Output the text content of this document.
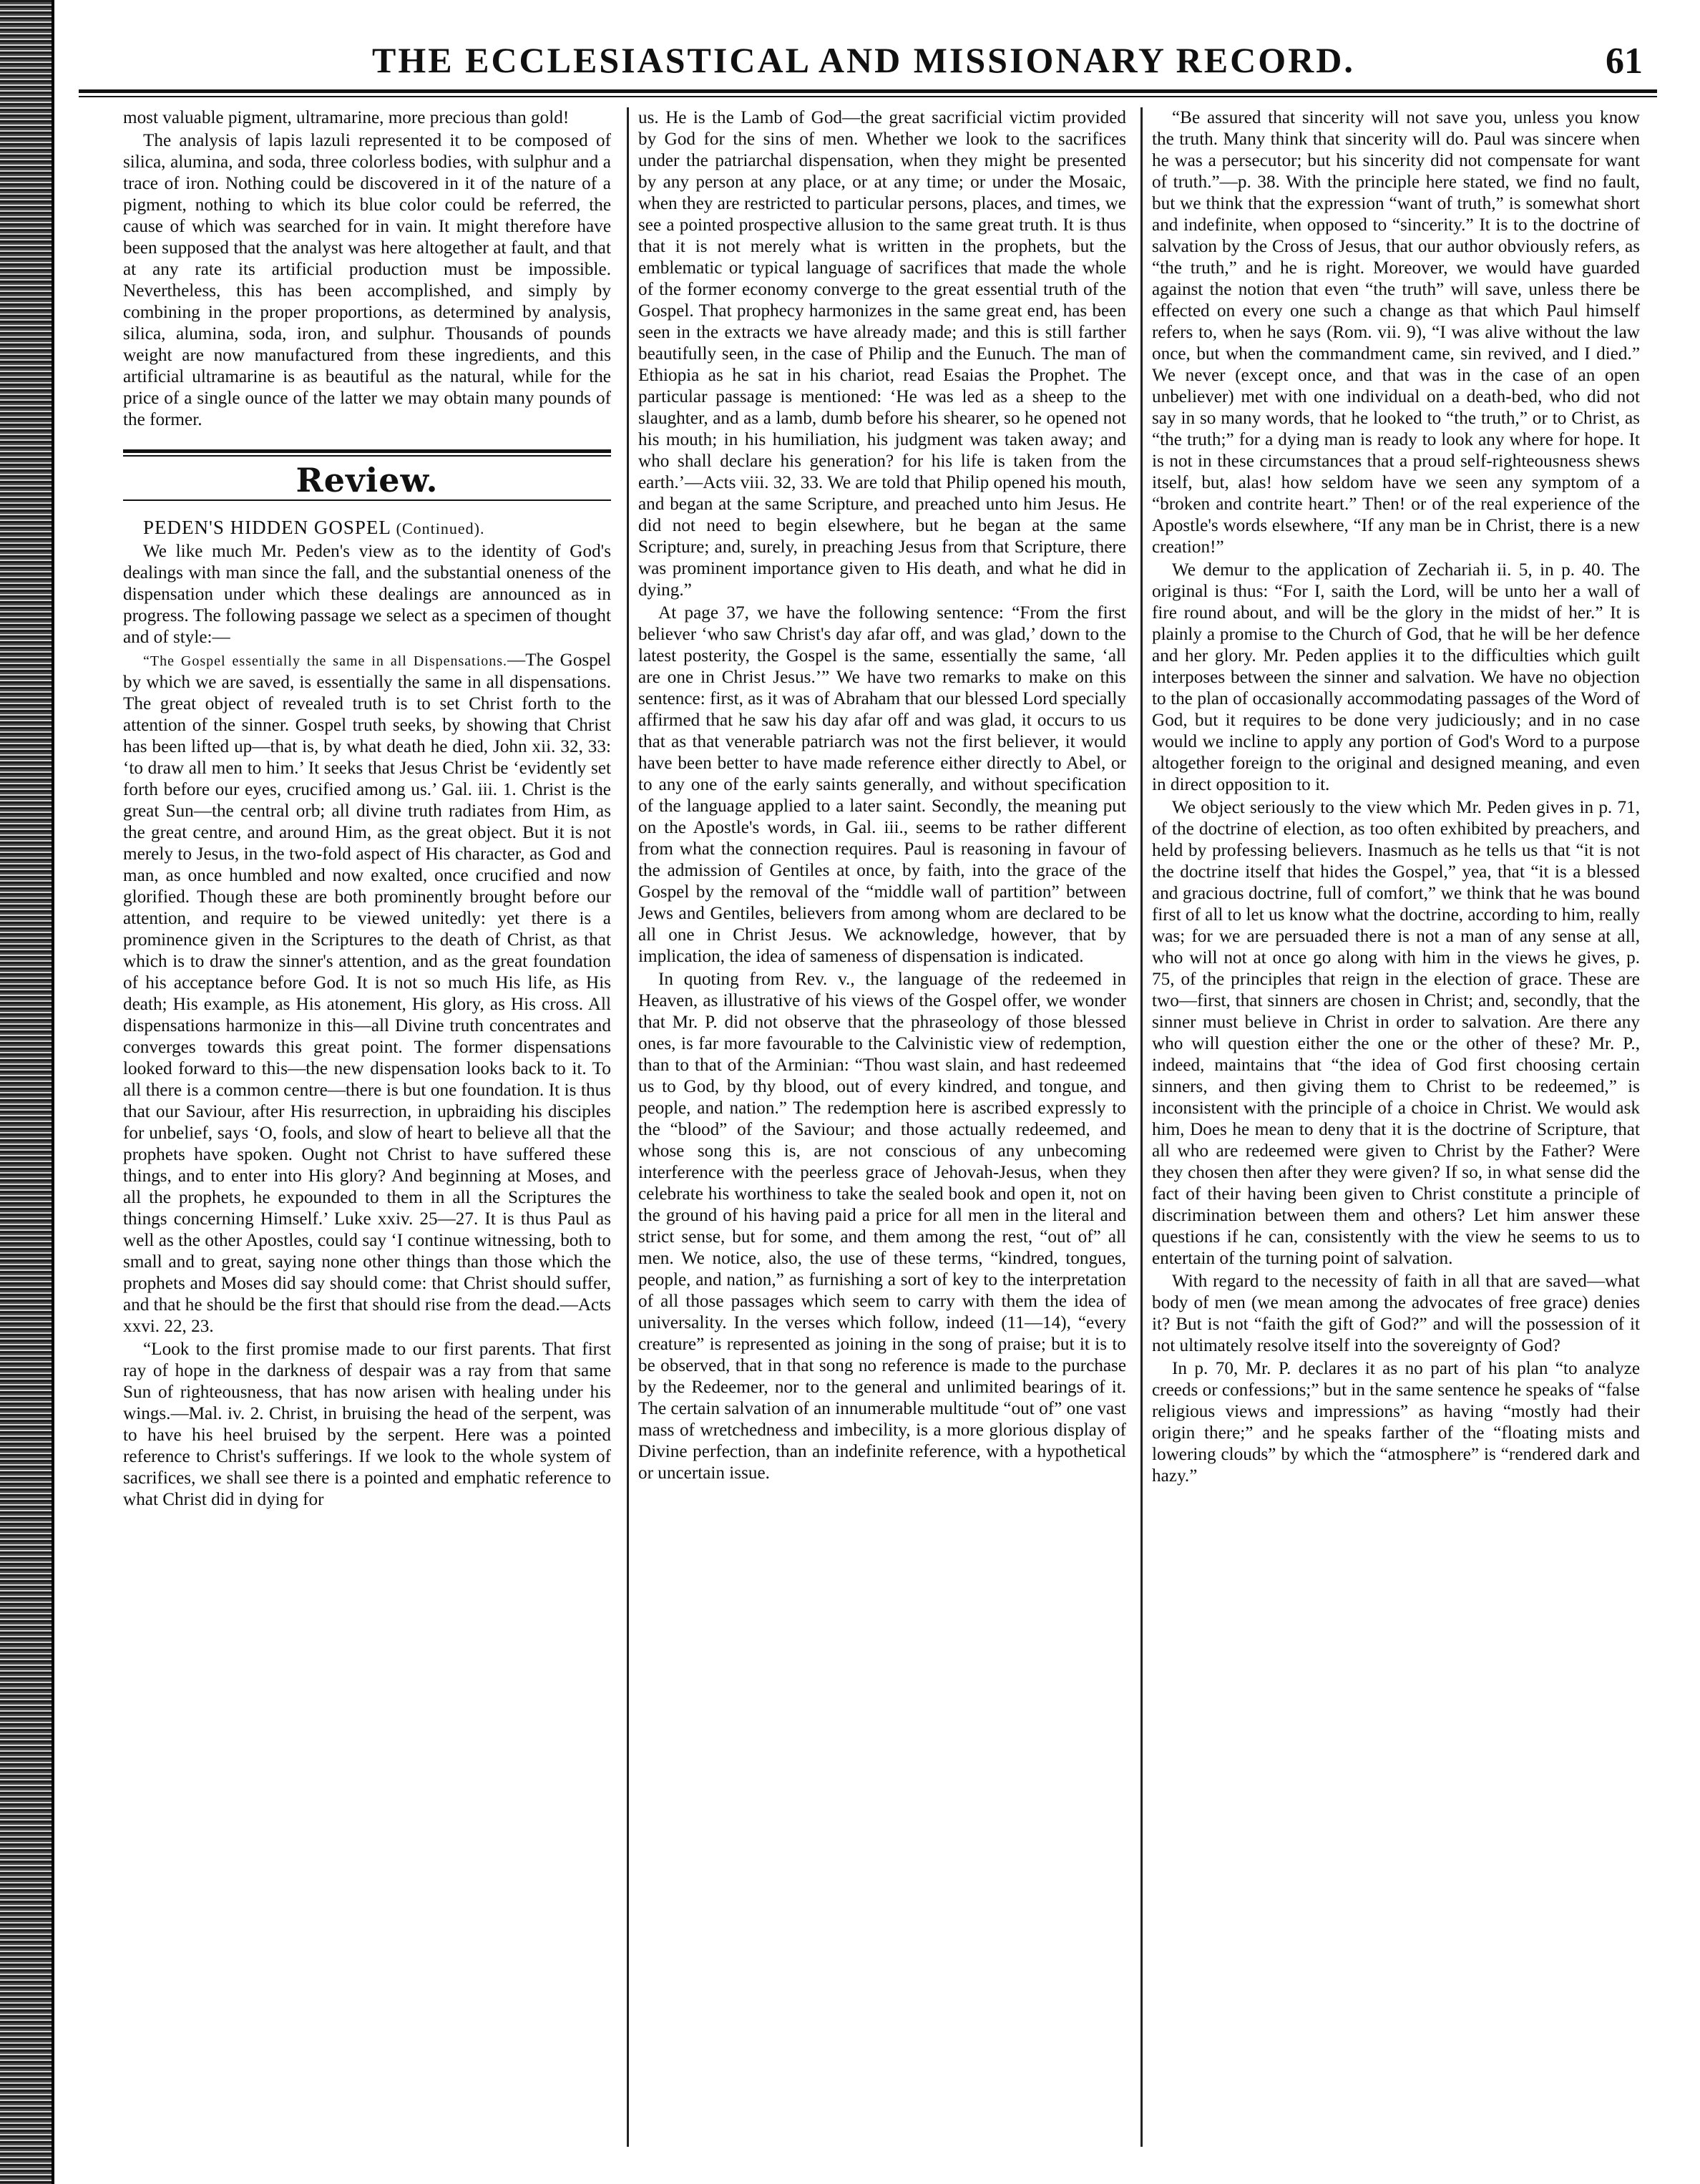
THE ECCLESIASTICAL AND MISSIONARY RECORD.	61

most valuable pigment, ultramarine, more precious than gold!

The analysis of lapis lazuli represented it to be composed of silica, alumina, and soda, three colorless bodies, with sulphur and a trace of iron. Nothing could be discovered in it of the nature of a pigment, nothing to which its blue color could be referred, the cause of which was searched for in vain. It might therefore have been supposed that the analyst was here altogether at fault, and that at any rate its artificial production must be impossible. Nevertheless, this has been accomplished, and simply by combining in the proper proportions, as determined by analysis, silica, alumina, soda, iron, and sulphur. Thousands of pounds weight are now manufactured from these ingredients, and this artificial ultramarine is as beautiful as the natural, while for the price of a single ounce of the latter we may obtain many pounds of the former.

Review.

PEDEN'S HIDDEN GOSPEL (Continued).

We like much Mr. Peden's view as to the identity of God's dealings with man since the fall, and the substantial oneness of the dispensation under which these dealings are announced as in progress. The following passage we select as a specimen of thought and of style:—

“The Gospel essentially the same in all Dispensations.—The Gospel by which we are saved, is essentially the same in all dispensations. The great object of revealed truth is to set Christ forth to the attention of the sinner. Gospel truth seeks, by showing that Christ has been lifted up—that is, by what death he died, John xii. 32, 33: ‘to draw all men to him.’ It seeks that Jesus Christ be ‘evidently set forth before our eyes, crucified among us.’ Gal. iii. 1. Christ is the great Sun—the central orb; all divine truth radiates from Him, as the great centre, and around Him, as the great object. But it is not merely to Jesus, in the two-fold aspect of His character, as God and man, as once humbled and now exalted, once crucified and now glorified. Though these are both prominently brought before our attention, and require to be viewed unitedly: yet there is a prominence given in the Scriptures to the death of Christ, as that which is to draw the sinner's attention, and as the great foundation of his acceptance before God. It is not so much His life, as His death; His example, as His atonement, His glory, as His cross. All dispensations harmonize in this—all Divine truth concentrates and converges towards this great point. The former dispensations looked forward to this—the new dispensation looks back to it. To all there is a common centre—there is but one foundation. It is thus that our Saviour, after His resurrection, in upbraiding his disciples for unbelief, says ‘O, fools, and slow of heart to believe all that the prophets have spoken. Ought not Christ to have suffered these things, and to enter into His glory? And beginning at Moses, and all the prophets, he expounded to them in all the Scriptures the things concerning Himself.’ Luke xxiv. 25—27. It is thus Paul as well as the other Apostles, could say ‘I continue witnessing, both to small and to great, saying none other things than those which the prophets and Moses did say should come: that Christ should suffer, and that he should be the first that should rise from the dead.—Acts xxvi. 22, 23.

“Look to the first promise made to our first parents. That first ray of hope in the darkness of despair was a ray from that same Sun of righteousness, that has now arisen with healing under his wings.—Mal. iv. 2. Christ, in bruising the head of the serpent, was to have his heel bruised by the serpent. Here was a pointed reference to Christ's sufferings. If we look to the whole system of sacrifices, we shall see there is a pointed and emphatic reference to what Christ did in dying for

us. He is the Lamb of God—the great sacrificial victim provided by God for the sins of men. Whether we look to the sacrifices under the patriarchal dispensation, when they might be presented by any person at any place, or at any time; or under the Mosaic, when they are restricted to particular persons, places, and times, we see a pointed prospective allusion to the same great truth. It is thus that it is not merely what is written in the prophets, but the emblematic or typical language of sacrifices that made the whole of the former economy converge to the great essential truth of the Gospel. That prophecy harmonizes in the same great end, has been seen in the extracts we have already made; and this is still farther beautifully seen, in the case of Philip and the Eunuch. The man of Ethiopia as he sat in his chariot, read Esaias the Prophet. The particular passage is mentioned: ‘He was led as a sheep to the slaughter, and as a lamb, dumb before his shearer, so he opened not his mouth; in his humiliation, his judgment was taken away; and who shall declare his generation? for his life is taken from the earth.’—Acts viii. 32, 33. We are told that Philip opened his mouth, and began at the same Scripture, and preached unto him Jesus. He did not need to begin elsewhere, but he began at the same Scripture; and, surely, in preaching Jesus from that Scripture, there was prominent importance given to His death, and what he did in dying.”

At page 37, we have the following sentence: “From the first believer ‘who saw Christ's day afar off, and was glad,’ down to the latest posterity, the Gospel is the same, essentially the same, ‘all are one in Christ Jesus.’” We have two remarks to make on this sentence: first, as it was of Abraham that our blessed Lord specially affirmed that he saw his day afar off and was glad, it occurs to us that as that venerable patriarch was not the first believer, it would have been better to have made reference either directly to Abel, or to any one of the early saints generally, and without specification of the language applied to a later saint. Secondly, the meaning put on the Apostle's words, in Gal. iii., seems to be rather different from what the connection requires. Paul is reasoning in favour of the admission of Gentiles at once, by faith, into the grace of the Gospel by the removal of the “middle wall of partition” between Jews and Gentiles, believers from among whom are declared to be all one in Christ Jesus. We acknowledge, however, that by implication, the idea of sameness of dispensation is indicated.

In quoting from Rev. v., the language of the redeemed in Heaven, as illustrative of his views of the Gospel offer, we wonder that Mr. P. did not observe that the phraseology of those blessed ones, is far more favourable to the Calvinistic view of redemption, than to that of the Arminian: “Thou wast slain, and hast redeemed us to God, by thy blood, out of every kindred, and tongue, and people, and nation.” The redemption here is ascribed expressly to the “blood” of the Saviour; and those actually redeemed, and whose song this is, are not conscious of any unbecoming interference with the peerless grace of Jehovah-Jesus, when they celebrate his worthiness to take the sealed book and open it, not on the ground of his having paid a price for all men in the literal and strict sense, but for some, and them among the rest, “out of” all men. We notice, also, the use of these terms, “kindred, tongues, people, and nation,” as furnishing a sort of key to the interpretation of all those passages which seem to carry with them the idea of universality. In the verses which follow, indeed (11—14), “every creature” is represented as joining in the song of praise; but it is to be observed, that in that song no reference is made to the purchase by the Redeemer, nor to the general and unlimited bearings of it. The certain salvation of an innumerable multitude “out of” one vast mass of wretchedness and imbecility, is a more glorious display of Divine perfection, than an indefinite reference, with a hypothetical or uncertain issue.

“Be assured that sincerity will not save you, unless you know the truth. Many think that sincerity will do. Paul was sincere when he was a persecutor; but his sincerity did not compensate for want of truth.”—p. 38. With the principle here stated, we find no fault, but we think that the expression “want of truth,” is somewhat short and indefinite, when opposed to “sincerity.” It is to the doctrine of salvation by the Cross of Jesus, that our author obviously refers, as “the truth,” and he is right. Moreover, we would have guarded against the notion that even “the truth” will save, unless there be effected on every one such a change as that which Paul himself refers to, when he says (Rom. vii. 9), “I was alive without the law once, but when the commandment came, sin revived, and I died.” We never (except once, and that was in the case of an open unbeliever) met with one individual on a death-bed, who did not say in so many words, that he looked to “the truth,” or to Christ, as “the truth;” for a dying man is ready to look any where for hope. It is not in these circumstances that a proud self-righteousness shews itself, but, alas! how seldom have we seen any symptom of a “broken and contrite heart.” Then! or of the real experience of the Apostle's words elsewhere, “If any man be in Christ, there is a new creation!”

We demur to the application of Zechariah ii. 5, in p. 40. The original is thus: “For I, saith the Lord, will be unto her a wall of fire round about, and will be the glory in the midst of her.” It is plainly a promise to the Church of God, that he will be her defence and her glory. Mr. Peden applies it to the difficulties which guilt interposes between the sinner and salvation. We have no objection to the plan of occasionally accommodating passages of the Word of God, but it requires to be done very judiciously; and in no case would we incline to apply any portion of God's Word to a purpose altogether foreign to the original and designed meaning, and even in direct opposition to it.

We object seriously to the view which Mr. Peden gives in p. 71, of the doctrine of election, as too often exhibited by preachers, and held by professing believers. Inasmuch as he tells us that “it is not the doctrine itself that hides the Gospel,” yea, that “it is a blessed and gracious doctrine, full of comfort,” we think that he was bound first of all to let us know what the doctrine, according to him, really was; for we are persuaded there is not a man of any sense at all, who will not at once go along with him in the views he gives, p. 75, of the principles that reign in the election of grace. These are two—first, that sinners are chosen in Christ; and, secondly, that the sinner must believe in Christ in order to salvation. Are there any who will question either the one or the other of these? Mr. P., indeed, maintains that “the idea of God first choosing certain sinners, and then giving them to Christ to be redeemed,” is inconsistent with the principle of a choice in Christ. We would ask him, Does he mean to deny that it is the doctrine of Scripture, that all who are redeemed were given to Christ by the Father? Were they chosen then after they were given? If so, in what sense did the fact of their having been given to Christ constitute a principle of discrimination between them and others? Let him answer these questions if he can, consistently with the view he seems to us to entertain of the turning point of salvation.

With regard to the necessity of faith in all that are saved—what body of men (we mean among the advocates of free grace) denies it? But is not “faith the gift of God?” and will the possession of it not ultimately resolve itself into the sovereignty of God?

In p. 70, Mr. P. declares it as no part of his plan “to analyze creeds or confessions;” but in the same sentence he speaks of “false religious views and impressions” as having “mostly had their origin there;” and he speaks farther of the “floating mists and lowering clouds” by which the “atmosphere” is “rendered dark and hazy.”
